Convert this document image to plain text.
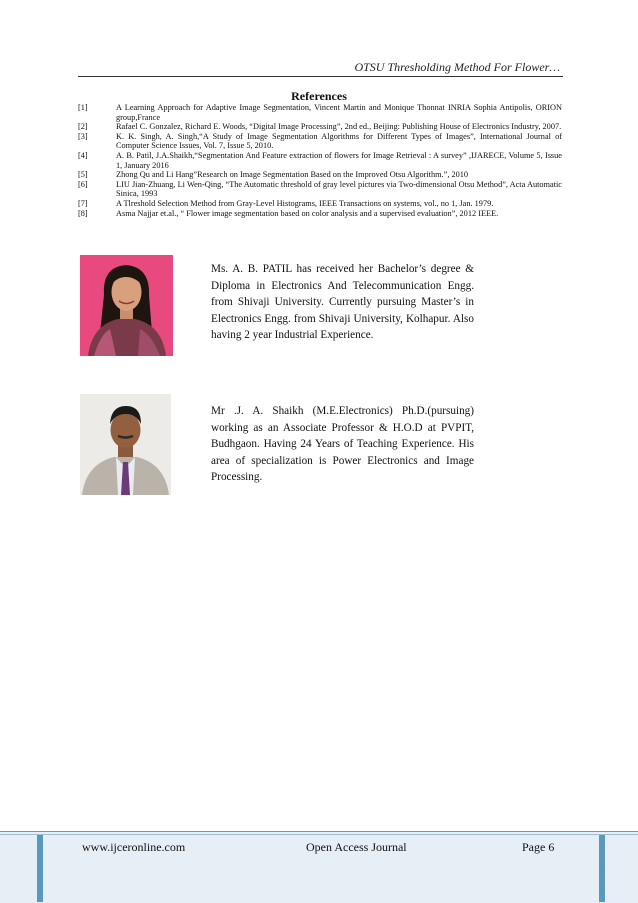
OTSU Thresholding Method For Flower…
References
[1]	A Learning Approach for Adaptive Image Segmentation, Vincent Martin and Monique Thonnat INRIA Sophia Antipolis, ORION group,France
[2]	Rafael C. Gonzalez, Richard E. Woods, “Digital Image Processing”, 2nd ed., Beijing: Publishing House of Electronics Industry, 2007.
[3]	K. K. Singh, A. Singh,“A Study of Image Segmentation Algorithms for Different Types of Images”, International Journal of Computer Science Issues, Vol. 7, Issue 5, 2010.
[4]	A. B. Patil, J.A.Shaikh,“Segmentation And Feature extraction of flowers for Image Retrieval : A survey” ,IJARECE, Volume 5, Issue 1, January 2016
[5]	Zhong Qu and Li Hang”Research on Image Segmentation Based on the Improved Otsu Algorithm.”, 2010
[6]	LIU Jian-Zhuang, Li Wen-Qing, “The Automatic threshold of gray level pictures via Two-dimensional Otsu Method”, Acta Automatic Sinica, 1993
[7]	A Tlreshold Selection Method from Gray-Level Histograms, IEEE Transactions on systems, vol., no 1, Jan. 1979.
[8]	Asma Najjar et.al., “ Flower image segmentation based on color analysis and a supervised evaluation”, 2012 IEEE.
Ms. A. B. PATIL has received her Bachelor’s degree & Diploma in Electronics And Telecommunication Engg. from Shivaji University. Currently pursuing Master’s in Electronics Engg. from Shivaji University, Kolhapur. Also having 2 year Industrial Experience.
Mr .J. A. Shaikh (M.E.Electronics) Ph.D.(pursuing) working as an Associate Professor & H.O.D at PVPIT, Budhgaon. Having 24 Years of Teaching Experience. His area of specialization is Power Electronics and Image Processing.
www.ijceronline.com	Open Access Journal	Page 6
